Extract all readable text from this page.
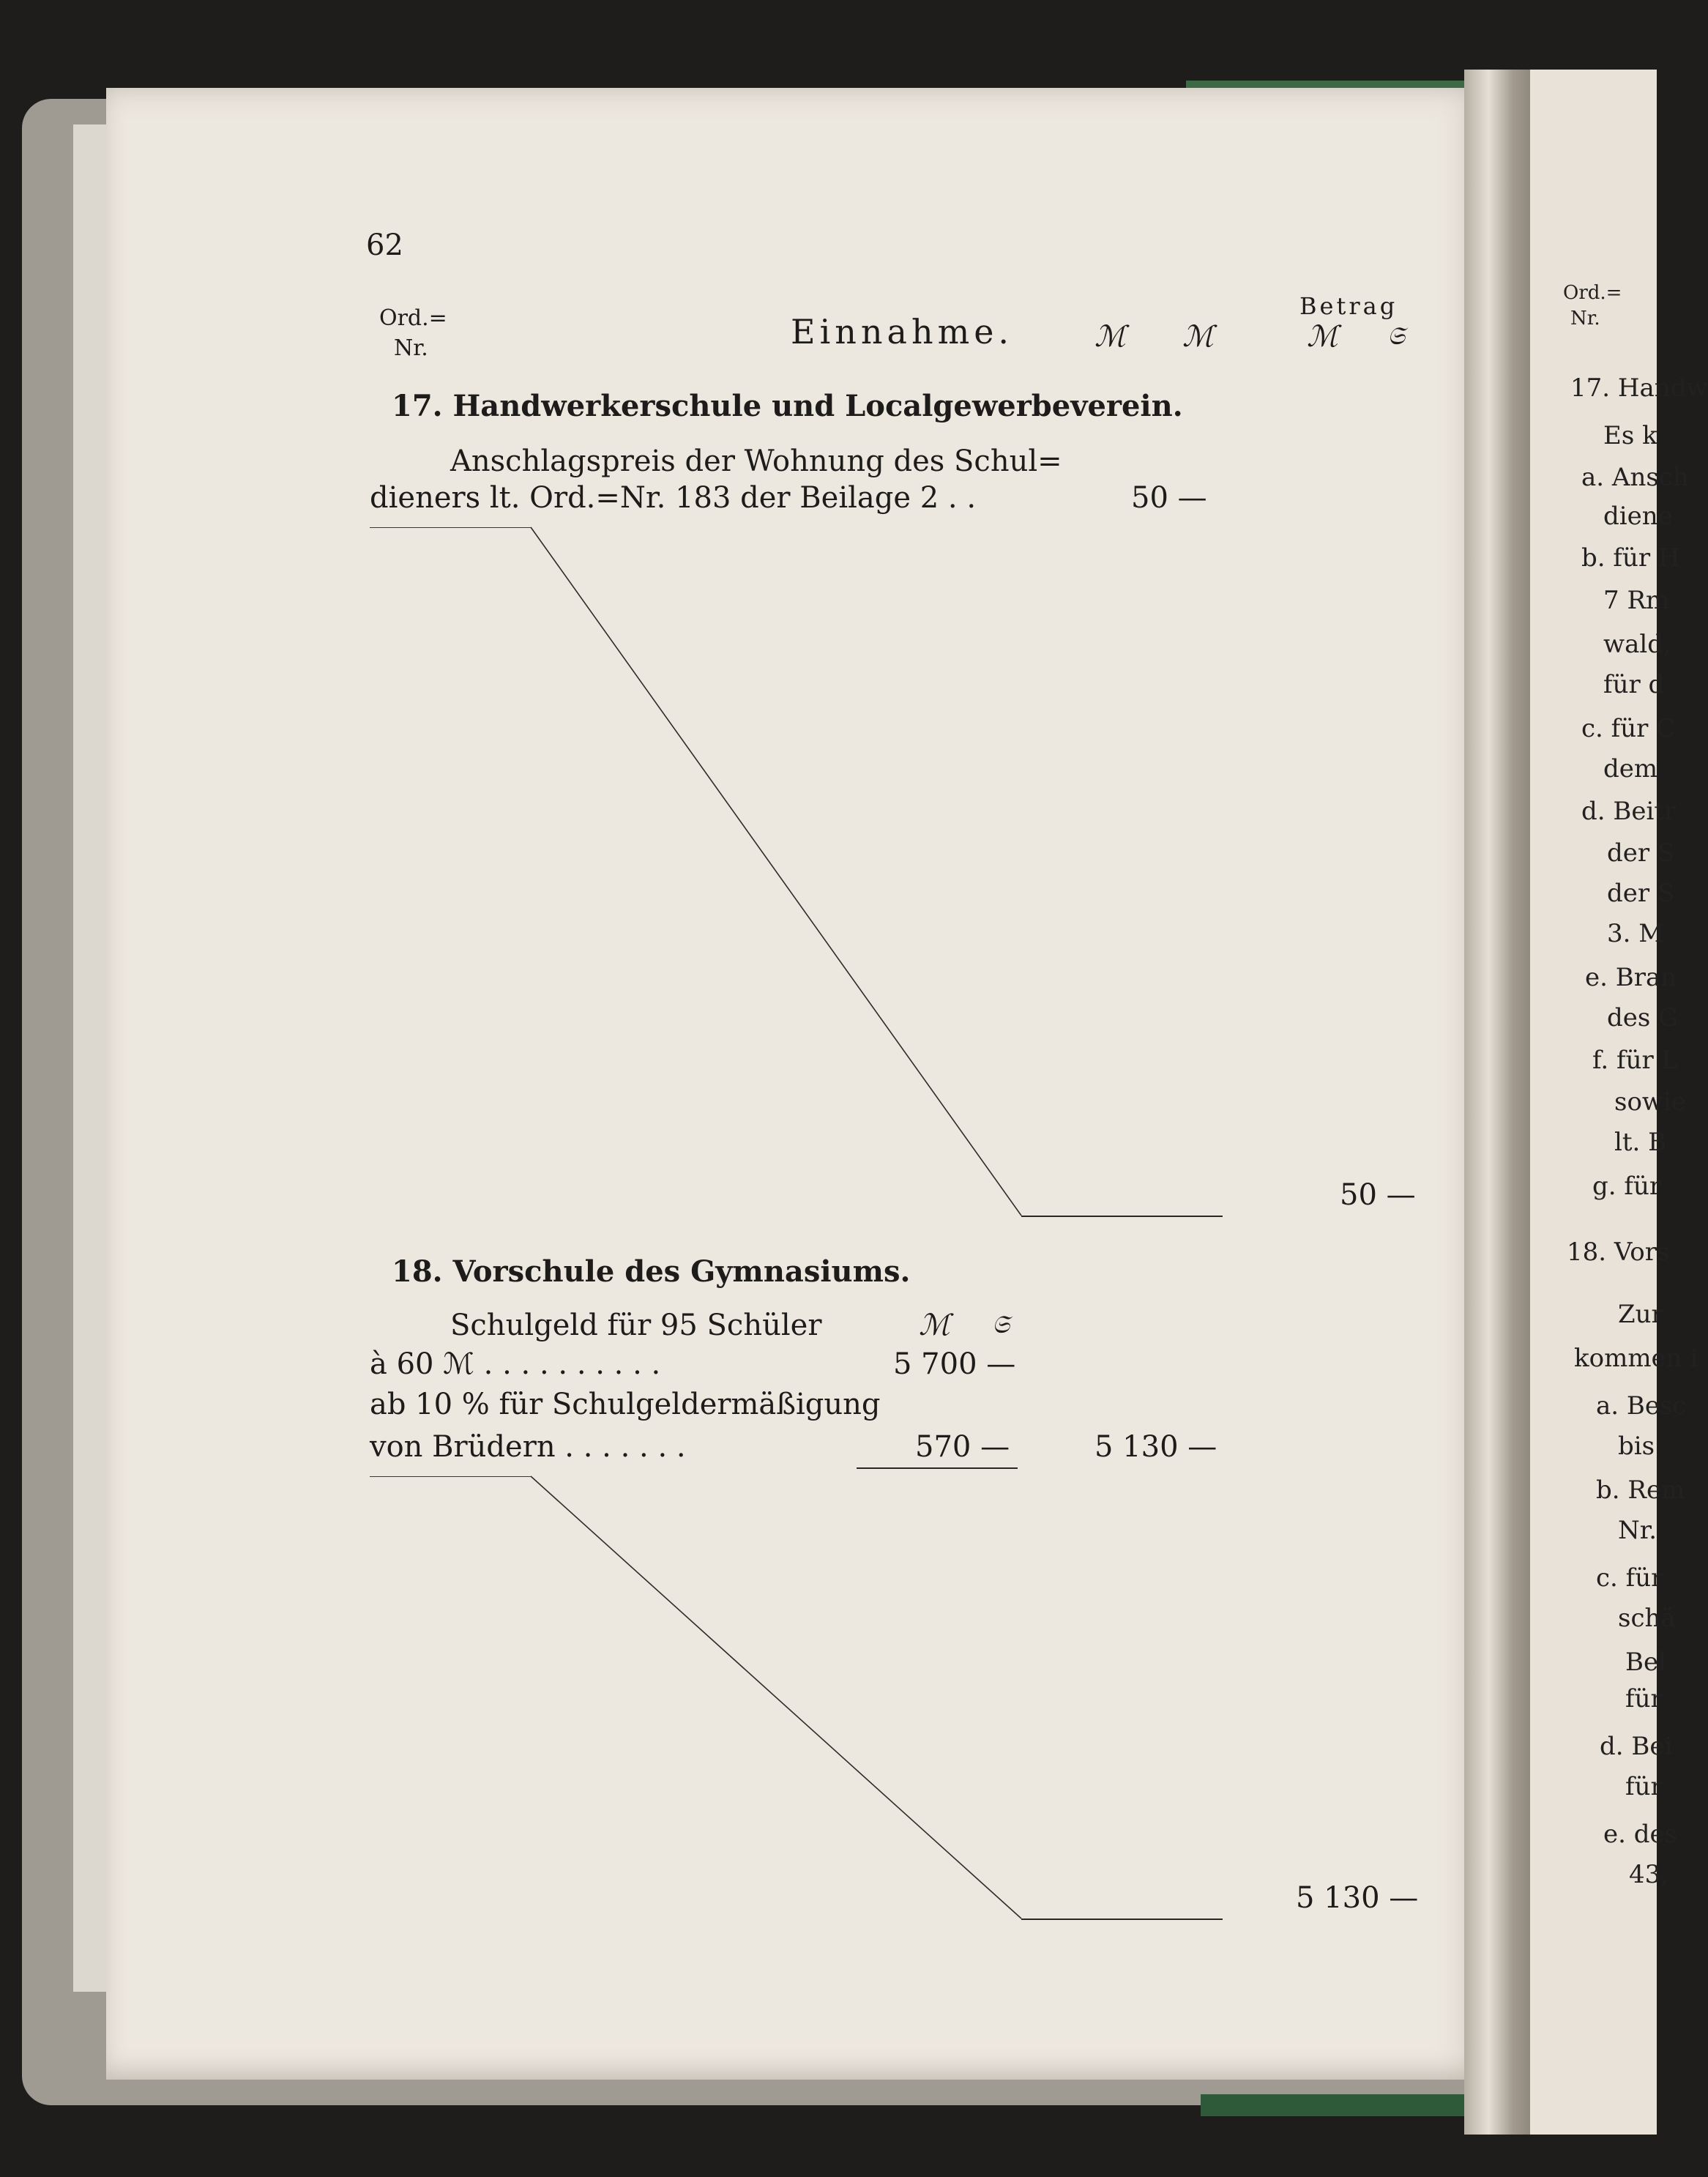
62
Ord.=
Nr.	Einnahme.	ℳ ℳ
Betrag
ℳ 𝔖
17. Handwerkerschule und Localgewerbeverein.
Anschlagspreis der Wohnung des Schul=
dieners lt. Ord.=Nr. 183 der Beilage 2 . .	50 —
50 —
18. Vorschule des Gymnasiums.
Schulgeld für 95 Schüler	ℳ 𝔖
à 60 ℳ . . . . . . . . . .	5 700 —
ab 10 % für Schulgeldermäßigung
von Brüdern . . . . . . .	570 —	5 130 —
5 130 —
Ord.=
Nr.
17. Handw
Es k
a. Ansch
diene
b. für H
7 Rm
wald,
für d
c. für C
dem
d. Beitr
der S
der S
3. M
e. Bran
des G
f. für L
sowie
lt. B
g. für
18. Vors
Zur
kommen i
a. Besc
bis
b. Rem
Nr.
c. für
schä
Bel
für
d. Bei
für
e. des
43,
